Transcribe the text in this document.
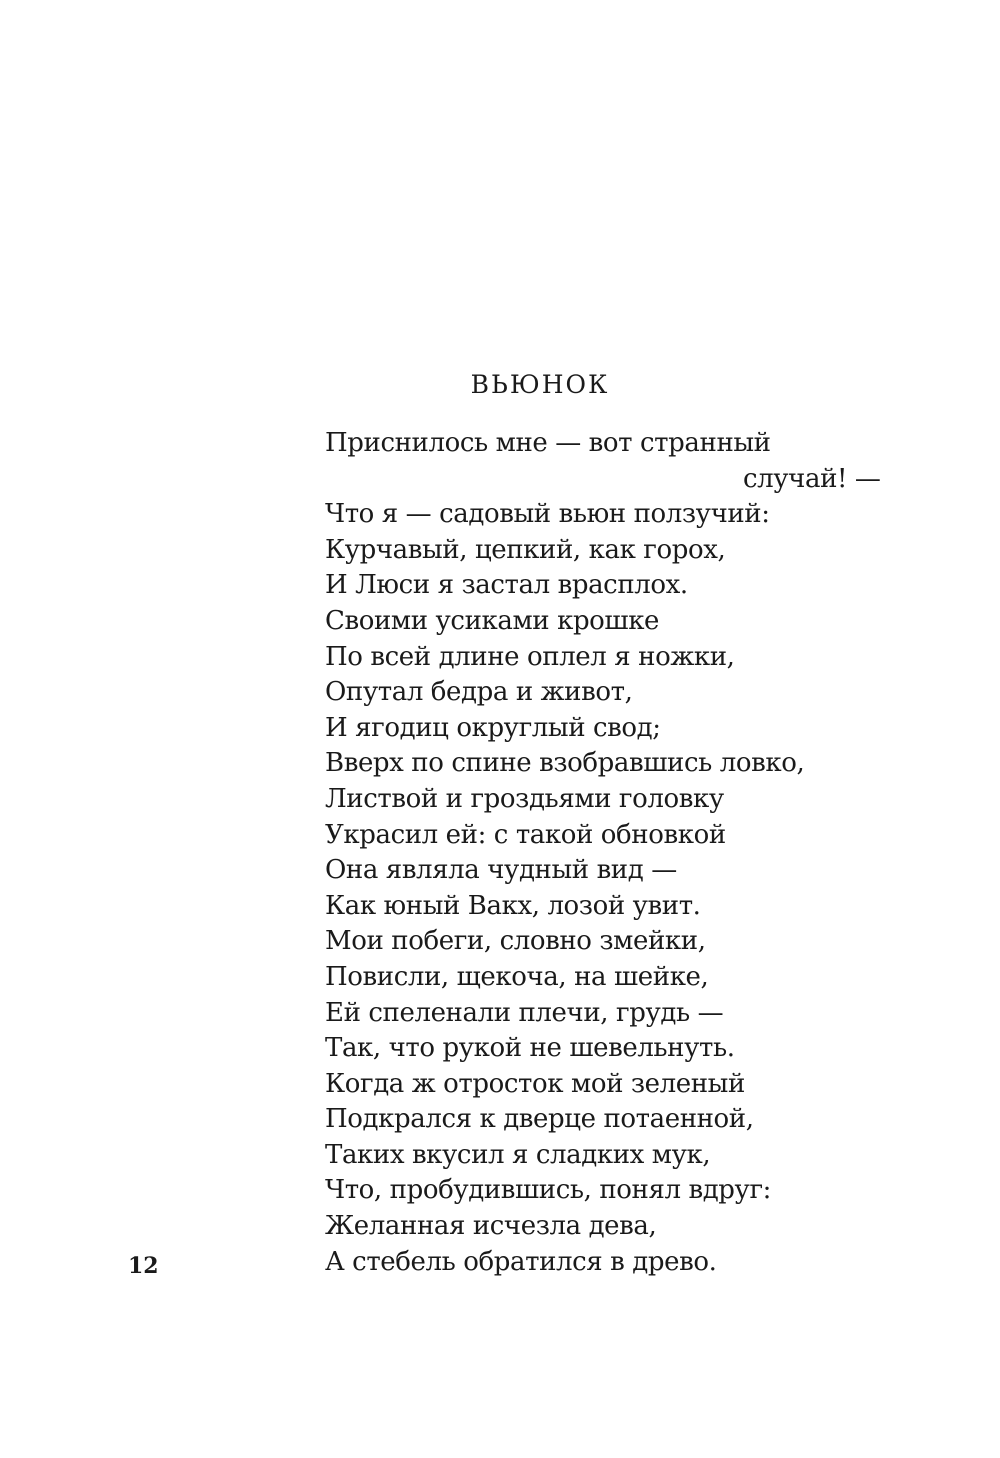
ВЬЮНОК
Приснилось мне — вот странный
случай! —
Что я — садовый вьюн ползучий:
Курчавый, цепкий, как горох,
И Люси я застал врасплох.
Своими усиками крошке
По всей длине оплел я ножки,
Опутал бедра и живот,
И ягодиц округлый свод;
Вверх по спине взобравшись ловко,
Листвой и гроздьями головку
Украсил ей: с такой обновкой
Она являла чудный вид —
Как юный Вакх, лозой увит.
Мои побеги, словно змейки,
Повисли, щекоча, на шейке,
Ей спеленали плечи, грудь —
Так, что рукой не шевельнуть.
Когда ж отросток мой зеленый
Подкрался к дверце потаенной,
Таких вкусил я сладких мук,
Что, пробудившись, понял вдруг:
Желанная исчезла дева,
А стебель обратился в древо.
12
